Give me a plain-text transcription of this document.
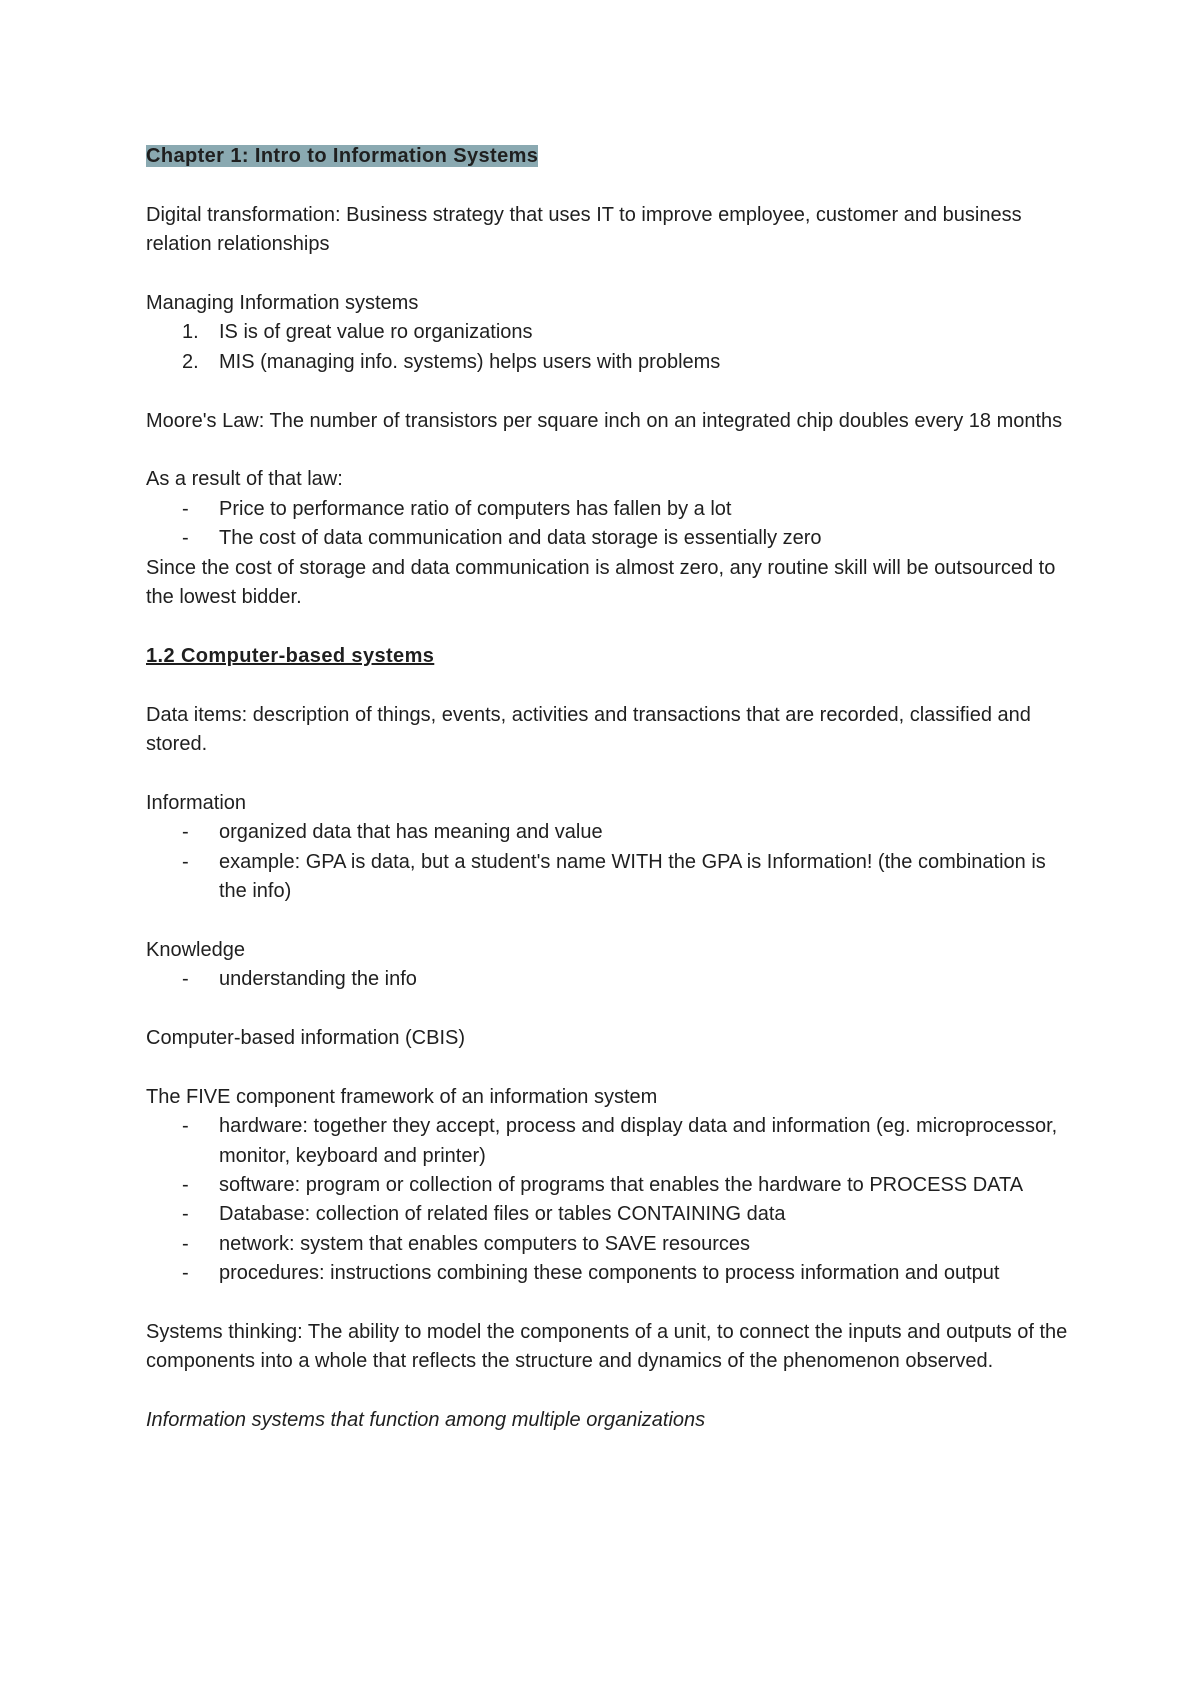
Chapter 1: Intro to Information Systems

Digital transformation: Business strategy that uses IT to improve employee, customer and business relation relationships

Managing Information systems

1. IS is of great value ro organizations
2. MIS (managing info. systems) helps users with problems

Moore's Law: The number of transistors per square inch on an integrated chip doubles every 18 months

As a result of that law:

- Price to performance ratio of computers has fallen by a lot
- The cost of data communication and data storage is essentially zero

Since the cost of storage and data communication is almost zero, any routine skill will be outsourced to the lowest bidder.

1.2 Computer-based systems

Data items: description of things, events, activities and transactions that are recorded, classified and stored.

Information

- organized data that has meaning and value
- example: GPA is data, but a student's name WITH the GPA is Information! (the combination is the info)

Knowledge

- understanding the info

Computer-based information (CBIS)

The FIVE component framework of an information system

- hardware: together they accept, process and display data and information (eg. microprocessor, monitor, keyboard and printer)
- software: program or collection of programs that enables the hardware to PROCESS DATA
- Database: collection of related files or tables CONTAINING data
- network: system that enables computers to SAVE resources
- procedures: instructions combining these components to process information and output

Systems thinking: The ability to model the components of a unit, to connect the inputs and outputs of the components into a whole that reflects the structure and dynamics of the phenomenon observed.

Information systems that function among multiple organizations
